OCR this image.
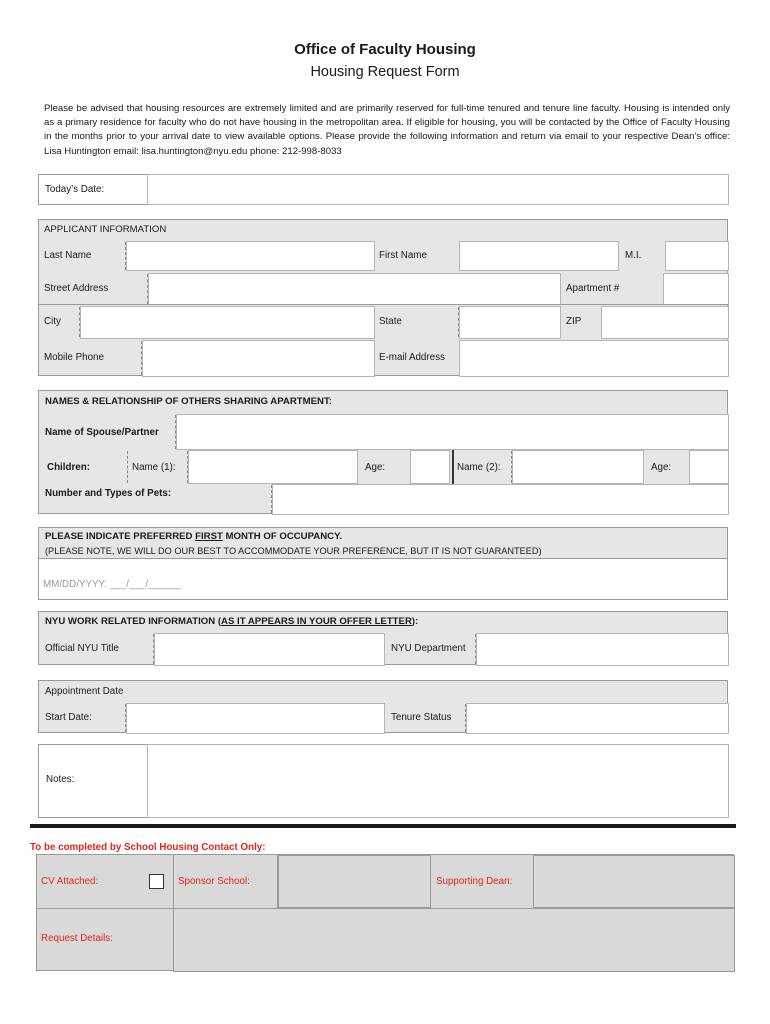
Office of Faculty Housing
Housing Request Form
Please be advised that housing resources are extremely limited and are primarily reserved for full-time tenured and tenure line faculty. Housing is intended only as a primary residence for faculty who do not have housing in the metropolitan area. If eligible for housing, you will be contacted by the Office of Faculty Housing in the months prior to your arrival date to view available options. Please provide the following information and return via email to your respective Dean’s office: Lisa Huntington email: lisa.huntington@nyu.edu phone: 212-998-8033
Today’s Date:
APPLICANT INFORMATION
Last Name	First Name	M.I.
Street Address	Apartment #
City	State	ZIP
Mobile Phone	E-mail Address
NAMES & RELATIONSHIP OF OTHERS SHARING APARTMENT:
Name of Spouse/Partner
Children:	Name (1):	Age:	Name (2):	Age:
Number and Types of Pets:
PLEASE INDICATE PREFERRED FIRST MONTH OF OCCUPANCY.
(PLEASE NOTE, WE WILL DO OUR BEST TO ACCOMMODATE YOUR PREFERENCE, BUT IT IS NOT GUARANTEED)
MM/DD/YYYY: ___/___/______
NYU WORK RELATED INFORMATION (AS IT APPEARS IN YOUR OFFER LETTER):
Official NYU Title	NYU Department
Appointment Date
Start Date:	Tenure Status
Notes:
To be completed by School Housing Contact Only:
CV Attached:	Sponsor School:	Supporting Dean:
Request Details:
